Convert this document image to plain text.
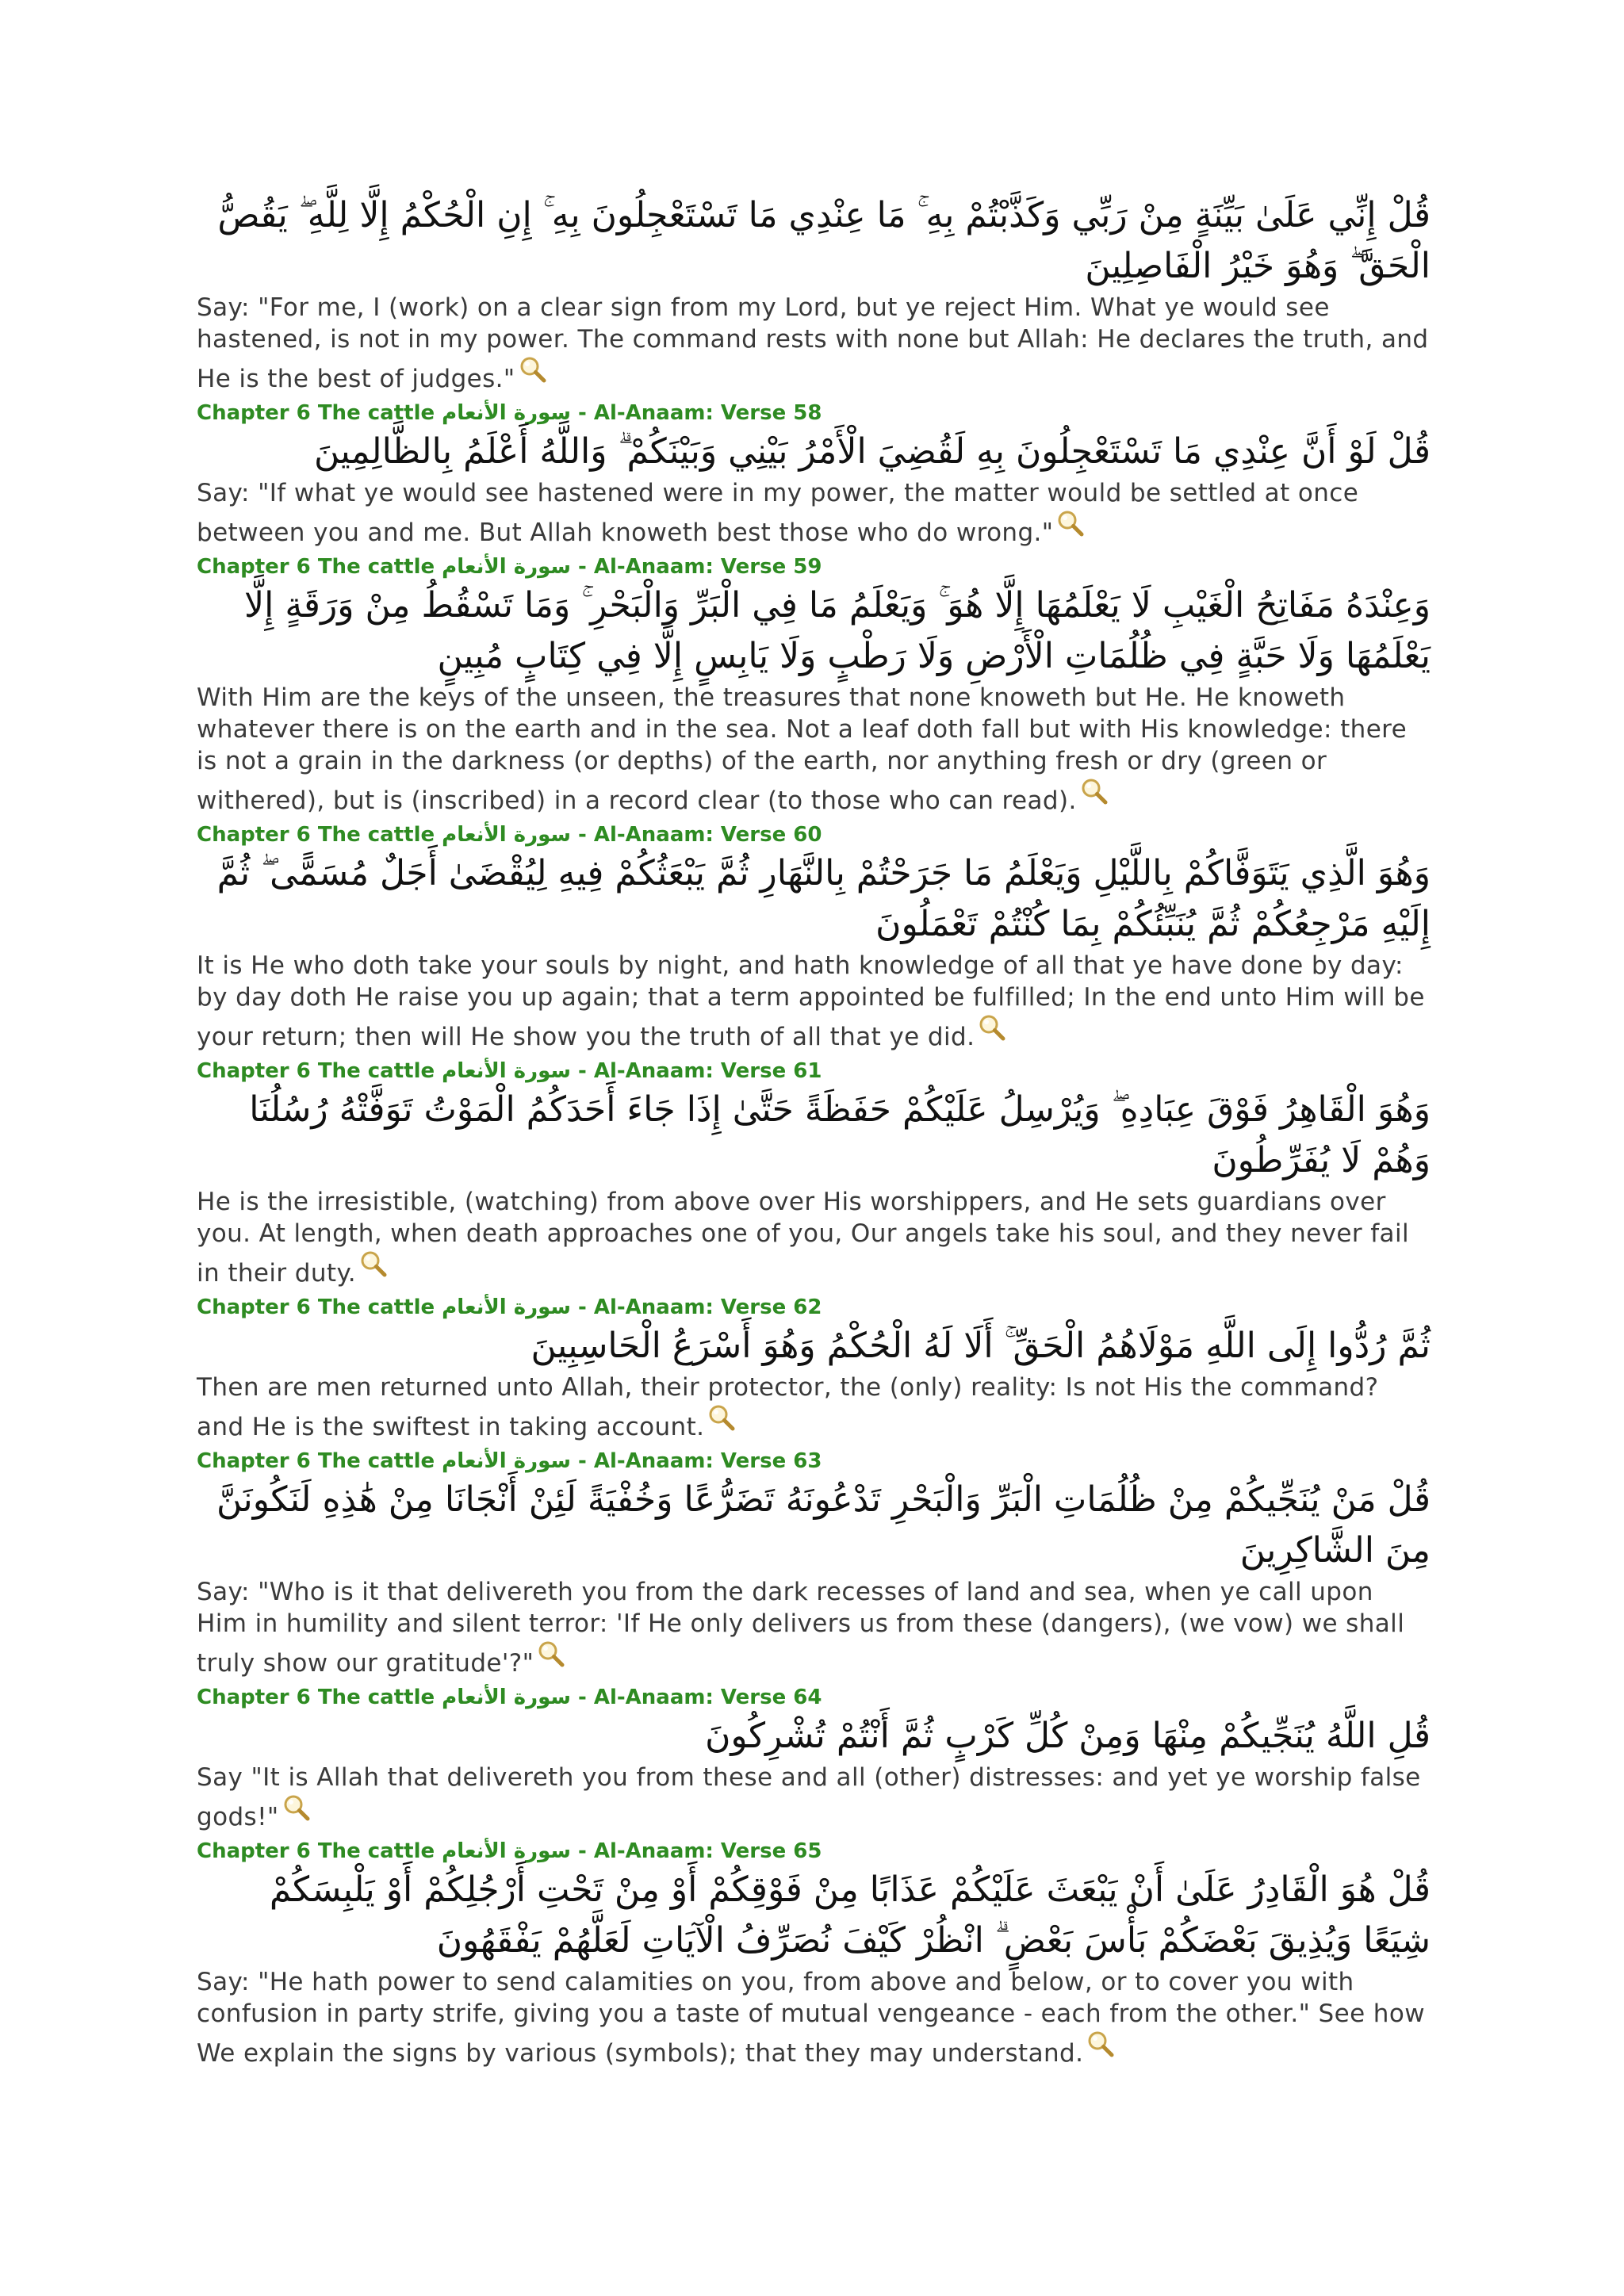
قُلْ إِنِّي عَلَىٰ بَيِّنَةٍ مِنْ رَبِّي وَكَذَّبْتُمْ بِهِ ۚ مَا عِنْدِي مَا تَسْتَعْجِلُونَ بِهِ ۚ إِنِ الْحُكْمُ إِلَّا لِلَّهِ ۖ يَقُصُّ الْحَقَّ ۖ وَهُوَ خَيْرُ الْفَاصِلِينَ

Say: "For me, I (work) on a clear sign from my Lord, but ye reject Him. What ye would see hastened, is not in my power. The command rests with none but Allah: He declares the truth, and He is the best of judges."

Chapter 6 The cattle سورة الأنعام - Al-Anaam: Verse 58

قُلْ لَوْ أَنَّ عِنْدِي مَا تَسْتَعْجِلُونَ بِهِ لَقُضِيَ الْأَمْرُ بَيْنِي وَبَيْنَكُمْ ۗ وَاللَّهُ أَعْلَمُ بِالظَّالِمِينَ

Say: "If what ye would see hastened were in my power, the matter would be settled at once between you and me. But Allah knoweth best those who do wrong."

Chapter 6 The cattle سورة الأنعام - Al-Anaam: Verse 59

وَعِنْدَهُ مَفَاتِحُ الْغَيْبِ لَا يَعْلَمُهَا إِلَّا هُوَ ۚ وَيَعْلَمُ مَا فِي الْبَرِّ وَالْبَحْرِ ۚ وَمَا تَسْقُطُ مِنْ وَرَقَةٍ إِلَّا يَعْلَمُهَا وَلَا حَبَّةٍ فِي ظُلُمَاتِ الْأَرْضِ وَلَا رَطْبٍ وَلَا يَابِسٍ إِلَّا فِي كِتَابٍ مُبِينٍ

With Him are the keys of the unseen, the treasures that none knoweth but He. He knoweth whatever there is on the earth and in the sea. Not a leaf doth fall but with His knowledge: there is not a grain in the darkness (or depths) of the earth, nor anything fresh or dry (green or withered), but is (inscribed) in a record clear (to those who can read).

Chapter 6 The cattle سورة الأنعام - Al-Anaam: Verse 60

وَهُوَ الَّذِي يَتَوَفَّاكُمْ بِاللَّيْلِ وَيَعْلَمُ مَا جَرَحْتُمْ بِالنَّهَارِ ثُمَّ يَبْعَثُكُمْ فِيهِ لِيُقْضَىٰ أَجَلٌ مُسَمًّى ۖ ثُمَّ إِلَيْهِ مَرْجِعُكُمْ ثُمَّ يُنَبِّئُكُمْ بِمَا كُنْتُمْ تَعْمَلُونَ

It is He who doth take your souls by night, and hath knowledge of all that ye have done by day: by day doth He raise you up again; that a term appointed be fulfilled; In the end unto Him will be your return; then will He show you the truth of all that ye did.

Chapter 6 The cattle سورة الأنعام - Al-Anaam: Verse 61

وَهُوَ الْقَاهِرُ فَوْقَ عِبَادِهِ ۖ وَيُرْسِلُ عَلَيْكُمْ حَفَظَةً حَتَّىٰ إِذَا جَاءَ أَحَدَكُمُ الْمَوْتُ تَوَفَّتْهُ رُسُلُنَا وَهُمْ لَا يُفَرِّطُونَ

He is the irresistible, (watching) from above over His worshippers, and He sets guardians over you. At length, when death approaches one of you, Our angels take his soul, and they never fail in their duty.

Chapter 6 The cattle سورة الأنعام - Al-Anaam: Verse 62

ثُمَّ رُدُّوا إِلَى اللَّهِ مَوْلَاهُمُ الْحَقِّ ۚ أَلَا لَهُ الْحُكْمُ وَهُوَ أَسْرَعُ الْحَاسِبِينَ

Then are men returned unto Allah, their protector, the (only) reality: Is not His the command? and He is the swiftest in taking account.

Chapter 6 The cattle سورة الأنعام - Al-Anaam: Verse 63

قُلْ مَنْ يُنَجِّيكُمْ مِنْ ظُلُمَاتِ الْبَرِّ وَالْبَحْرِ تَدْعُونَهُ تَضَرُّعًا وَخُفْيَةً لَئِنْ أَنْجَانَا مِنْ هَٰذِهِ لَنَكُونَنَّ مِنَ الشَّاكِرِينَ

Say: "Who is it that delivereth you from the dark recesses of land and sea, when ye call upon Him in humility and silent terror: 'If He only delivers us from these (dangers), (we vow) we shall truly show our gratitude'?"

Chapter 6 The cattle سورة الأنعام - Al-Anaam: Verse 64

قُلِ اللَّهُ يُنَجِّيكُمْ مِنْهَا وَمِنْ كُلِّ كَرْبٍ ثُمَّ أَنْتُمْ تُشْرِكُونَ

Say "It is Allah that delivereth you from these and all (other) distresses: and yet ye worship false gods!"

Chapter 6 The cattle سورة الأنعام - Al-Anaam: Verse 65

قُلْ هُوَ الْقَادِرُ عَلَىٰ أَنْ يَبْعَثَ عَلَيْكُمْ عَذَابًا مِنْ فَوْقِكُمْ أَوْ مِنْ تَحْتِ أَرْجُلِكُمْ أَوْ يَلْبِسَكُمْ شِيَعًا وَيُذِيقَ بَعْضَكُمْ بَأْسَ بَعْضٍ ۗ انْظُرْ كَيْفَ نُصَرِّفُ الْآيَاتِ لَعَلَّهُمْ يَفْقَهُونَ

Say: "He hath power to send calamities on you, from above and below, or to cover you with confusion in party strife, giving you a taste of mutual vengeance - each from the other." See how We explain the signs by various (symbols); that they may understand.
